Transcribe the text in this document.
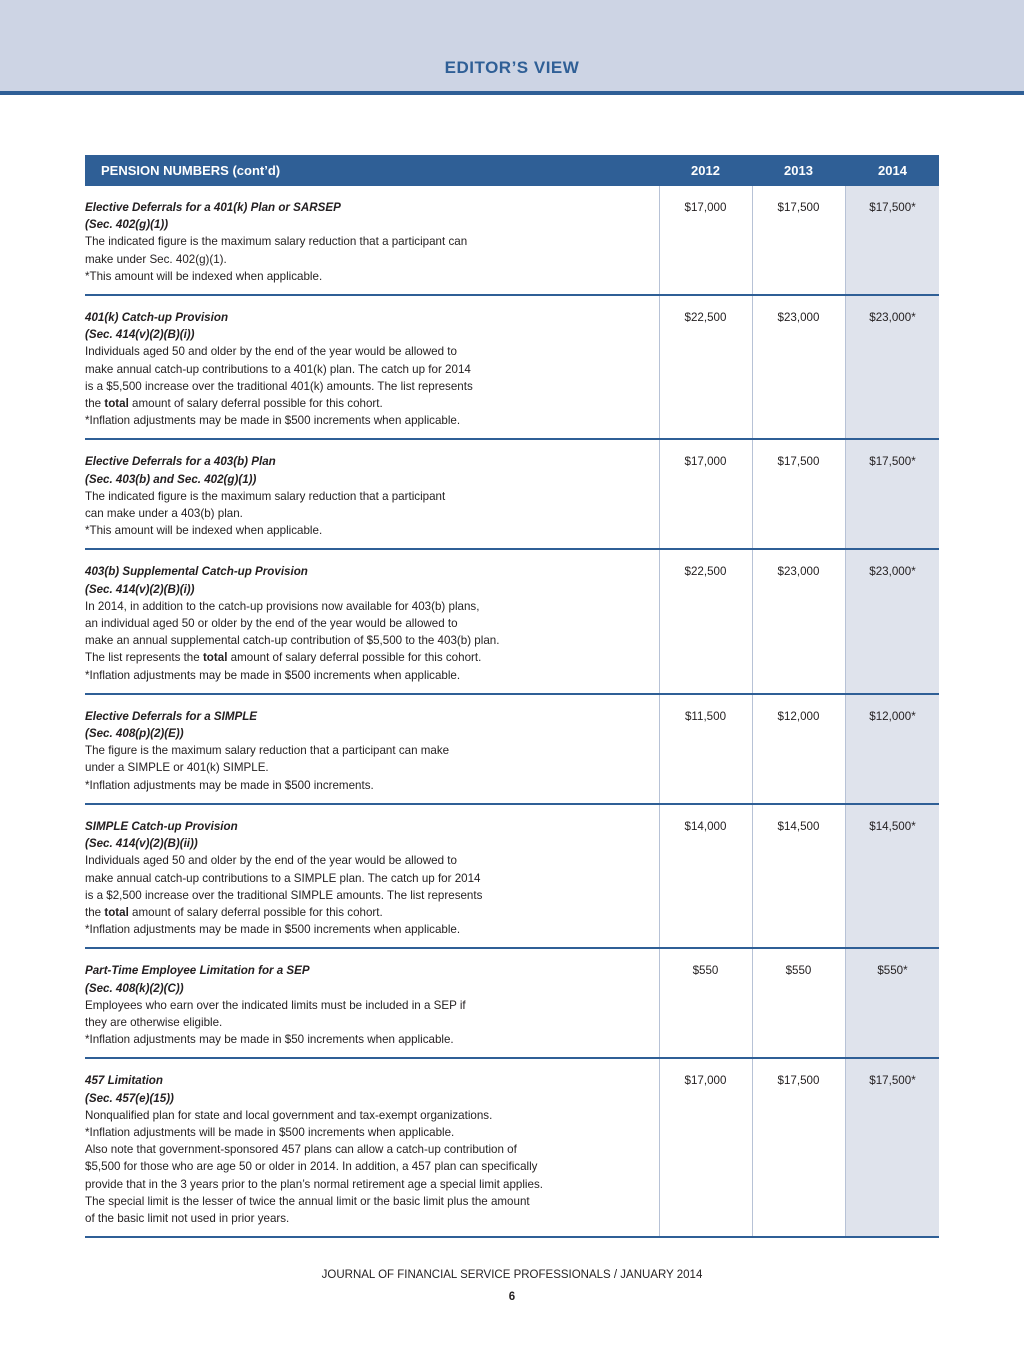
EDITOR’S VIEW
PENSION NUMBERS (cont’d)	2012	2013	2014
Elective Deferrals for a 401(k) Plan or SARSEP
(Sec. 402(g)(1))
The indicated figure is the maximum salary reduction that a participant can
make under Sec. 402(g)(1).
*This amount will be indexed when applicable.
$17,000	$17,500	$17,500*
401(k) Catch-up Provision
(Sec. 414(v)(2)(B)(i))
Individuals aged 50 and older by the end of the year would be allowed to
make annual catch-up contributions to a 401(k) plan. The catch up for 2014
is a $5,500 increase over the traditional 401(k) amounts. The list represents
the total amount of salary deferral possible for this cohort.
*Inflation adjustments may be made in $500 increments when applicable.
$22,500	$23,000	$23,000*
Elective Deferrals for a 403(b) Plan
(Sec. 403(b) and Sec. 402(g)(1))
The indicated figure is the maximum salary reduction that a participant
can make under a 403(b) plan.
*This amount will be indexed when applicable.
$17,000	$17,500	$17,500*
403(b) Supplemental Catch-up Provision
(Sec. 414(v)(2)(B)(i))
In 2014, in addition to the catch-up provisions now available for 403(b) plans,
an individual aged 50 or older by the end of the year would be allowed to
make an annual supplemental catch-up contribution of $5,500 to the 403(b) plan.
The list represents the total amount of salary deferral possible for this cohort.
*Inflation adjustments may be made in $500 increments when applicable.
$22,500	$23,000	$23,000*
Elective Deferrals for a SIMPLE
(Sec. 408(p)(2)(E))
The figure is the maximum salary reduction that a participant can make
under a SIMPLE or 401(k) SIMPLE.
*Inflation adjustments may be made in $500 increments.
$11,500	$12,000	$12,000*
SIMPLE Catch-up Provision
(Sec. 414(v)(2)(B)(ii))
Individuals aged 50 and older by the end of the year would be allowed to
make annual catch-up contributions to a SIMPLE plan. The catch up for 2014
is a $2,500 increase over the traditional SIMPLE amounts. The list represents
the total amount of salary deferral possible for this cohort.
*Inflation adjustments may be made in $500 increments when applicable.
$14,000	$14,500	$14,500*
Part-Time Employee Limitation for a SEP
(Sec. 408(k)(2)(C))
Employees who earn over the indicated limits must be included in a SEP if
they are otherwise eligible.
*Inflation adjustments may be made in $50 increments when applicable.
$550	$550	$550*
457 Limitation
(Sec. 457(e)(15))
Nonqualified plan for state and local government and tax-exempt organizations.
*Inflation adjustments will be made in $500 increments when applicable.
Also note that government-sponsored 457 plans can allow a catch-up contribution of
$5,500 for those who are age 50 or older in 2014. In addition, a 457 plan can specifically
provide that in the 3 years prior to the plan’s normal retirement age a special limit applies.
The special limit is the lesser of twice the annual limit or the basic limit plus the amount
of the basic limit not used in prior years.
$17,000	$17,500	$17,500*
JOURNAL OF FINANCIAL SERVICE PROFESSIONALS / JANUARY 2014
6
